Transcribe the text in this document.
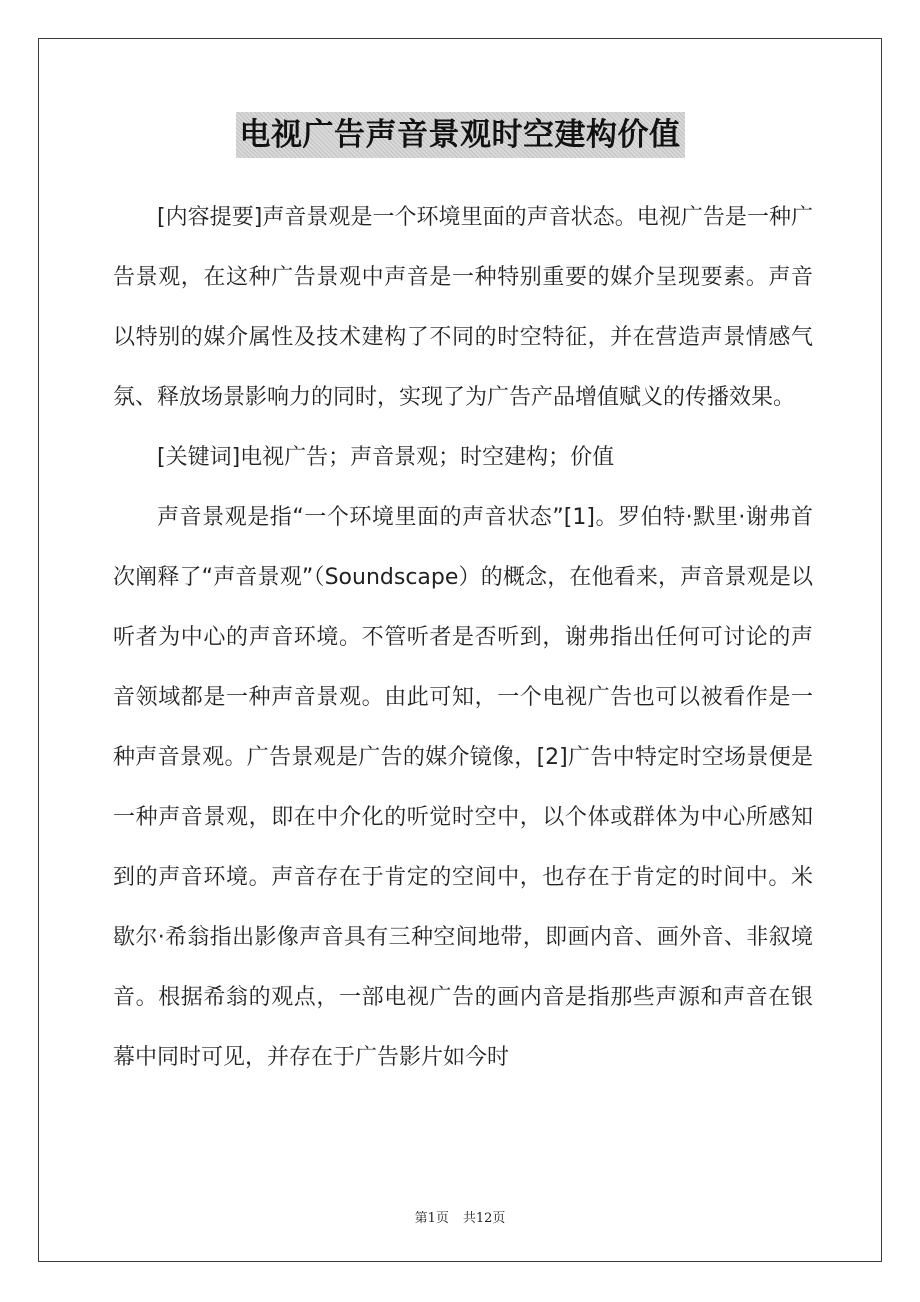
电视广告声音景观时空建构价值

[内容提要]声音景观是一个环境里面的声音状态。电视广告是一种广告景观，在这种广告景观中声音是一种特别重要的媒介呈现要素。声音以特别的媒介属性及技术建构了不同的时空特征，并在营造声景情感气氛、释放场景影响力的同时，实现了为广告产品增值赋义的传播效果。

[关键词]电视广告；声音景观；时空建构；价值

声音景观是指“一个环境里面的声音状态”[1]。罗伯特·默里·谢弗首次阐释了“声音景观”（Soundscape）的概念，在他看来，声音景观是以听者为中心的声音环境。不管听者是否听到，谢弗指出任何可讨论的声音领域都是一种声音景观。由此可知，一个电视广告也可以被看作是一种声音景观。广告景观是广告的媒介镜像，[2]广告中特定时空场景便是一种声音景观，即在中介化的听觉时空中，以个体或群体为中心所感知到的声音环境。声音存在于肯定的空间中，也存在于肯定的时间中。米歇尔·希翁指出影像声音具有三种空间地带，即画内音、画外音、非叙境音。根据希翁的观点，一部电视广告的画内音是指那些声源和声音在银幕中同时可见，并存在于广告影片如今时

第1页 共12页
